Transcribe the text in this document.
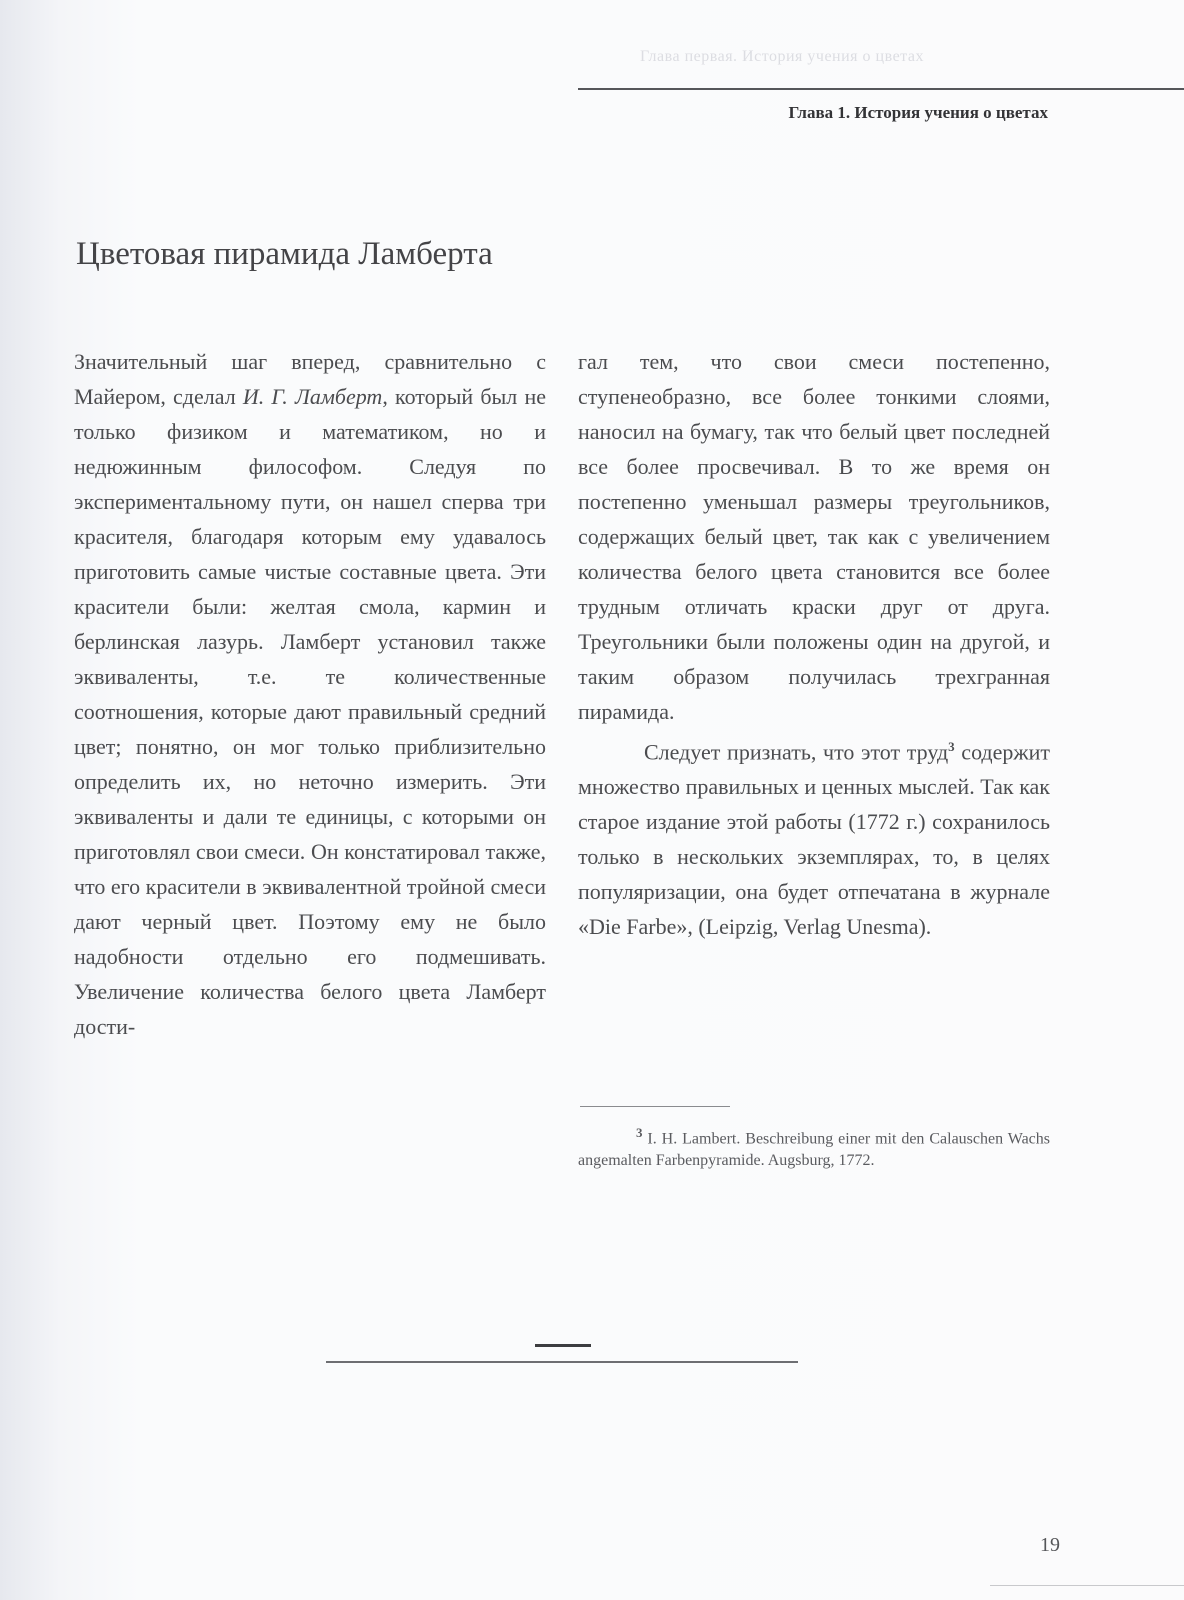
Глава первая. История учения о цветах
Глава 1. История учения о цветах
Цветовая пирамида Ламберта

Значительный шаг вперед, сравнительно с Майером, сделал И. Г. Ламберт, который был не только физиком и математиком, но и недюжинным философом. Следуя по экспериментальному пути, он нашел сперва три красителя, благодаря которым ему удавалось приготовить самые чистые составные цвета. Эти красители были: желтая смола, кармин и берлинская лазурь. Ламберт установил также эквиваленты, т.е. те количественные соотношения, которые дают правильный средний цвет; понятно, он мог только приблизительно определить их, но неточно измерить. Эти эквиваленты и дали те единицы, с которыми он приготовлял свои смеси. Он констатировал также, что его красители в эквивалентной тройной смеси дают черный цвет. Поэтому ему не было надобности отдельно его подмешивать. Увеличение количества белого цвета Ламберт дости-

гал тем, что свои смеси постепенно, ступенеобразно, все более тонкими слоями, наносил на бумагу, так что белый цвет последней все более просвечивал. В то же время он постепенно уменьшал размеры треугольников, содержащих белый цвет, так как с увеличением количества белого цвета становится все более трудным отличать краски друг от друга. Треугольники были положены один на другой, и таким образом получилась трехгранная пирамида.

Следует признать, что этот труд$^3$ содержит множество правильных и ценных мыслей. Так как старое издание этой работы (1772 г.) сохранилось только в нескольких экземплярах, то, в целях популяризации, она будет отпечатана в журнале «Die Farbe», (Leipzig, Verlag Unesma).

$^3$ I. H. Lambert. Beschreibung einer mit den Calauschen Wachs angemalten Farbenpyramide. Augsburg, 1772.
19
